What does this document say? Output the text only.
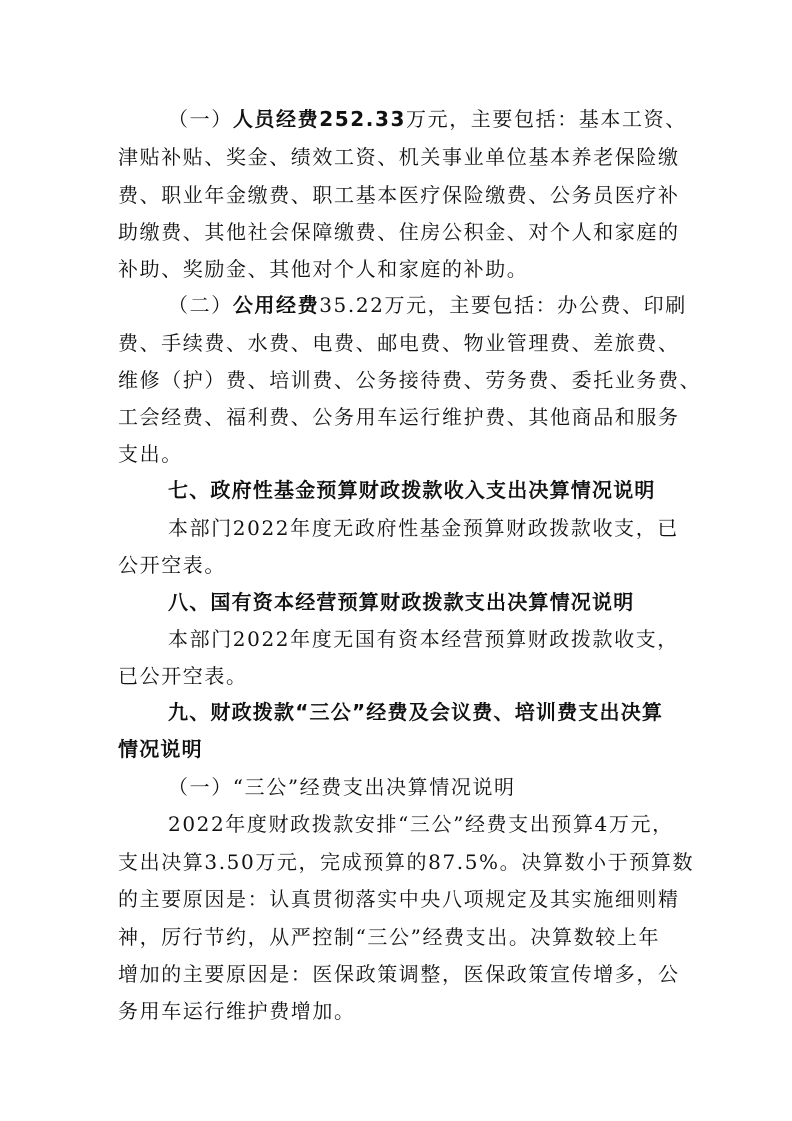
（一）人员经费252.33万元，主要包括：基本工资、
津贴补贴、奖金、绩效工资、机关事业单位基本养老保险缴
费、职业年金缴费、职工基本医疗保险缴费、公务员医疗补
助缴费、其他社会保障缴费、住房公积金、对个人和家庭的
补助、奖励金、其他对个人和家庭的补助。
（二）公用经费35.22万元，主要包括：办公费、印刷
费、手续费、水费、电费、邮电费、物业管理费、差旅费、
维修（护）费、培训费、公务接待费、劳务费、委托业务费、
工会经费、福利费、公务用车运行维护费、其他商品和服务
支出。
七、政府性基金预算财政拨款收入支出决算情况说明
本部门2022年度无政府性基金预算财政拨款收支，已
公开空表。
八、国有资本经营预算财政拨款支出决算情况说明
本部门2022年度无国有资本经营预算财政拨款收支，
已公开空表。
九、财政拨款“三公”经费及会议费、培训费支出决算
情况说明
（一）“三公”经费支出决算情况说明
2022年度财政拨款安排“三公”经费支出预算4万元，
支出决算3.50万元，完成预算的87.5%。决算数小于预算数
的主要原因是：认真贯彻落实中央八项规定及其实施细则精
神，厉行节约，从严控制“三公”经费支出。决算数较上年
增加的主要原因是：医保政策调整，医保政策宣传增多，公
务用车运行维护费增加。
